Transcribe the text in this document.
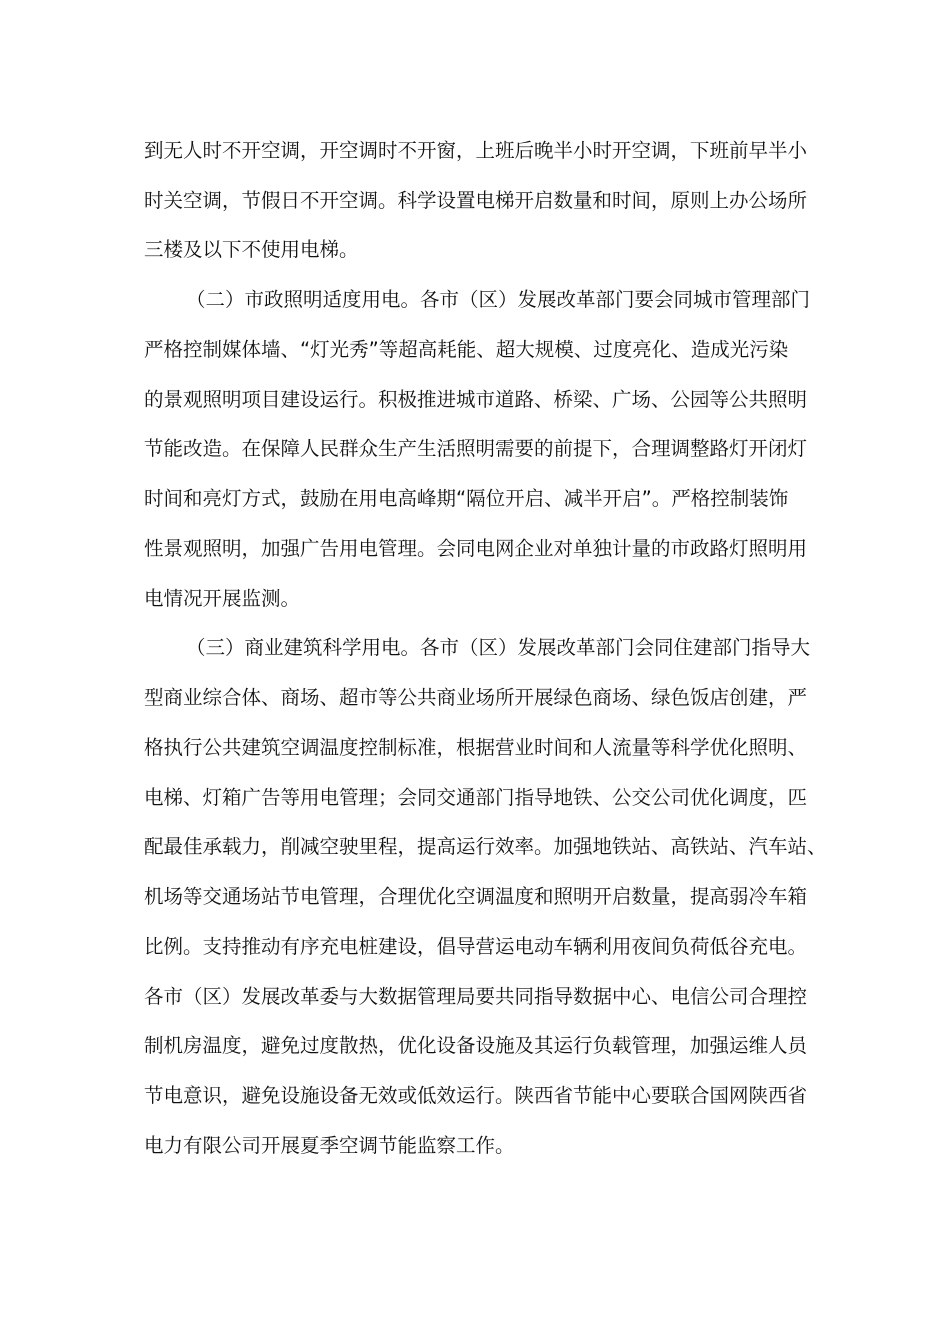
到无人时不开空调，开空调时不开窗，上班后晚半小时开空调，下班前早半小
时关空调，节假日不开空调。科学设置电梯开启数量和时间，原则上办公场所
三楼及以下不使用电梯。
（二）市政照明适度用电。各市（区）发展改革部门要会同城市管理部门
严格控制媒体墙、“灯光秀”等超高耗能、超大规模、过度亮化、造成光污染
的景观照明项目建设运行。积极推进城市道路、桥梁、广场、公园等公共照明
节能改造。在保障人民群众生产生活照明需要的前提下，合理调整路灯开闭灯
时间和亮灯方式，鼓励在用电高峰期“隔位开启、减半开启”。严格控制装饰
性景观照明，加强广告用电管理。会同电网企业对单独计量的市政路灯照明用
电情况开展监测。
（三）商业建筑科学用电。各市（区）发展改革部门会同住建部门指导大
型商业综合体、商场、超市等公共商业场所开展绿色商场、绿色饭店创建，严
格执行公共建筑空调温度控制标准，根据营业时间和人流量等科学优化照明、
电梯、灯箱广告等用电管理；会同交通部门指导地铁、公交公司优化调度，匹
配最佳承载力，削减空驶里程，提高运行效率。加强地铁站、高铁站、汽车站、
机场等交通场站节电管理，合理优化空调温度和照明开启数量，提高弱冷车箱
比例。支持推动有序充电桩建设，倡导营运电动车辆利用夜间负荷低谷充电。
各市（区）发展改革委与大数据管理局要共同指导数据中心、电信公司合理控
制机房温度，避免过度散热，优化设备设施及其运行负载管理，加强运维人员
节电意识，避免设施设备无效或低效运行。陕西省节能中心要联合国网陕西省
电力有限公司开展夏季空调节能监察工作。
